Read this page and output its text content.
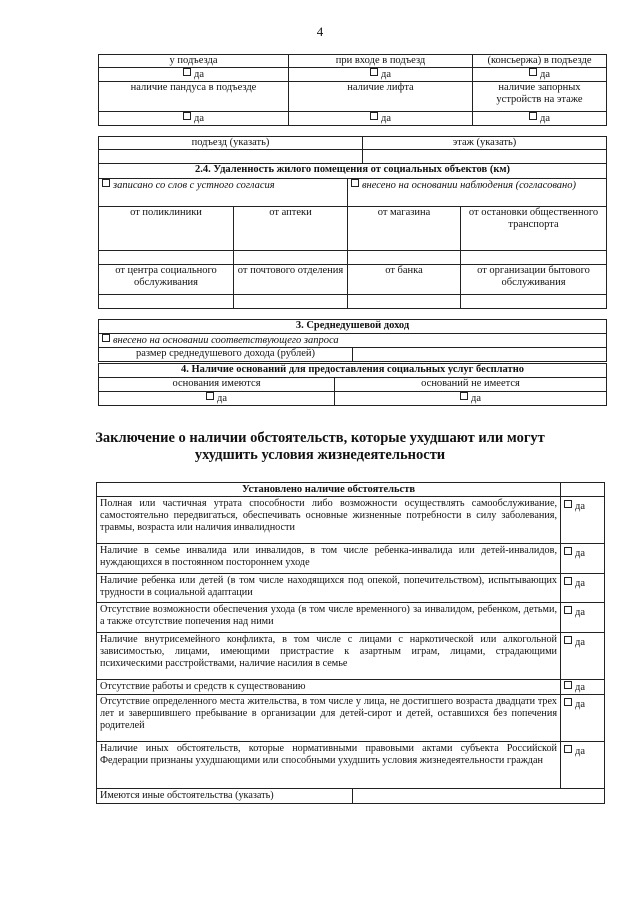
4
у подъезда	при входе в подъезд	(консьержа) в подъезде
да	да	да
наличие пандуса в подъезде	наличие лифта	наличие запорных устройств на этаже
да	да	да
подъезд (указать)	этаж (указать)

2.4. Удаленность жилого помещения от социальных объектов (км)			
записано со слов с устного согласия		внесено на основании наблюдения (согласовано)	
от поликлиники	от аптеки	от магазина	от остановки общественного транспорта

от центра социального обслуживания	от почтового отделения	от банка	от организации бытового обслуживания

3. Среднедушевой доход
внесено на основании соответствующего запроса
размер среднедушевого дохода (рублей)	
4. Наличие оснований для предоставления социальных услуг бесплатно	
основания имеются	оснований не имеется
да	да
Заключение о наличии обстоятельств, которые ухудшают или могут
ухудшить условия жизнедеятельности
Установлено наличие обстоятельств		
Полная или частичная утрата способности либо возможности осуществлять самообслуживание, самостоятельно передвигаться, обеспечивать основные жизненные потребности в силу заболевания, травмы, возраста или наличия инвалидности		да
Наличие в семье инвалида или инвалидов, в том числе ребенка-инвалида или детей-инвалидов, нуждающихся в постоянном постороннем уходе		да
Наличие ребенка или детей (в том числе находящихся под опекой, попечительством), испытывающих трудности в социальной адаптации		да
Отсутствие возможности обеспечения ухода (в том числе временного) за инвалидом, ребенком, детьми, а также отсутствие попечения над ними		да
Наличие внутрисемейного конфликта, в том числе с лицами с наркотической или алкогольной зависимостью, лицами, имеющими пристрастие к азартным играм, лицами, страдающими психическими расстройствами, наличие насилия в семье		да
Отсутствие работы и средств к существованию		да
Отсутствие определенного места жительства, в том числе у лица, не достигшего возраста двадцати трех лет и завершившего пребывание в организации для детей-сирот и детей, оставшихся без попечения родителей		да
Наличие иных обстоятельств, которые нормативными правовыми актами субъекта Российской Федерации признаны ухудшающими или способными ухудшить условия жизнедеятельности граждан		да
Имеются иные обстоятельства (указать)		
